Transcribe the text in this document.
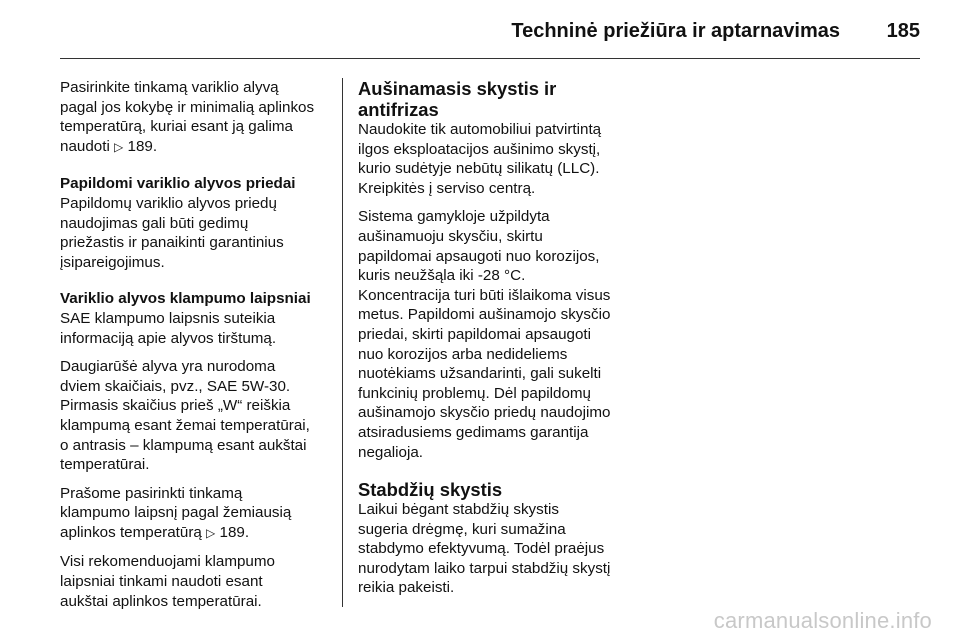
Techninė priežiūra ir aptarnavimas 185

Pasirinkite tinkamą variklio alyvą
pagal jos kokybę ir minimalią aplinkos
temperatūrą, kuriai esant ją galima
naudoti ▷ 189.

Papildomi variklio alyvos priedai

Papildomų variklio alyvos priedų
naudojimas gali būti gedimų
priežastis ir panaikinti garantinius
įsipareigojimus.

Variklio alyvos klampumo laipsniai

SAE klampumo laipsnis suteikia
informaciją apie alyvos tirštumą.

Daugiarūšė alyva yra nurodoma
dviem skaičiais, pvz., SAE 5W-30.
Pirmasis skaičius prieš „W“ reiškia
klampumą esant žemai temperatūrai,
o antrasis – klampumą esant aukštai
temperatūrai.

Prašome pasirinkti tinkamą
klampumo laipsnį pagal žemiausią
aplinkos temperatūrą ▷ 189.

Visi rekomenduojami klampumo
laipsniai tinkami naudoti esant
aukštai aplinkos temperatūrai.

Aušinamasis skystis ir antifrizas

Naudokite tik automobiliui patvirtintą
ilgos eksploatacijos aušinimo skystį,
kurio sudėtyje nebūtų silikatų (LLC).
Kreipkitės į serviso centrą.

Sistema gamykloje užpildyta
aušinamuoju skysčiu, skirtu
papildomai apsaugoti nuo korozijos,
kuris neužšąla iki -28 °C.
Koncentracija turi būti išlaikoma visus
metus. Papildomi aušinamojo skysčio
priedai, skirti papildomai apsaugoti
nuo korozijos arba nedideliems
nuotėkiams užsandarinti, gali sukelti
funkcinių problemų. Dėl papildomų
aušinamojo skysčio priedų naudojimo
atsiradusiems gedimams garantija
negalioja.

Stabdžių skystis

Laikui bėgant stabdžių skystis
sugeria drėgmę, kuri sumažina
stabdymo efektyvumą. Todėl praėjus
nurodytam laiko tarpui stabdžių skystį
reikia pakeisti.

carmanualsonline.info
